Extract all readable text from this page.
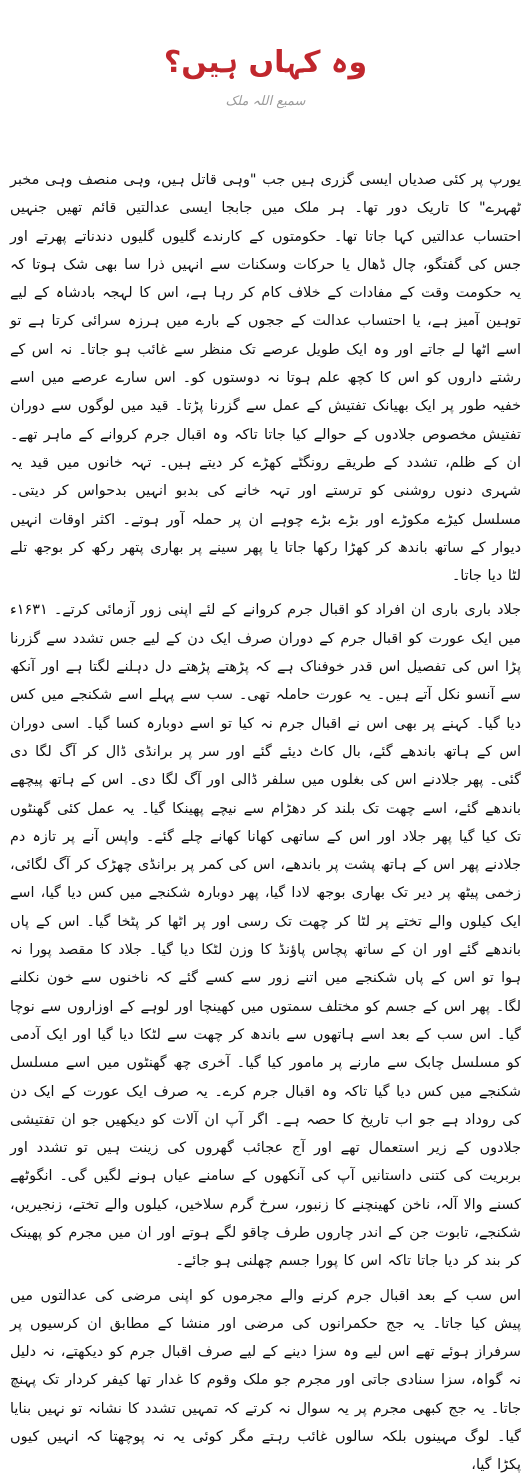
وہ کہاں ہیں؟
سمیع اللہ ملک

یورپ پر کئی صدیاں ایسی گزری ہیں جب "وہی قاتل ہیں، وہی منصف وہی مخبر ٹھہرے" کا تاریک دور تھا۔ ہر ملک میں جابجا ایسی عدالتیں قائم تھیں جنہیں احتساب عدالتیں کہا جاتا تھا۔ حکومتوں کے کارندے گلیوں گلیوں دندناتے پھرتے اور جس کی گفتگو، چال ڈھال یا حرکات وسکنات سے انہیں ذرا سا بھی شک ہوتا کہ یہ حکومت وقت کے مفادات کے خلاف کام کر رہا ہے، اس کا لہجہ بادشاہ کے لیے توہین آمیز ہے، یا احتساب عدالت کے ججوں کے بارے میں ہرزہ سرائی کرتا ہے تو اسے اٹھا لے جاتے اور وہ ایک طویل عرصے تک منظر سے غائب ہو جاتا۔ نہ اس کے رشتے داروں کو اس کا کچھ علم ہوتا نہ دوستوں کو۔ اس سارے عرصے میں اسے خفیہ طور پر ایک بھیانک تفتیش کے عمل سے گزرنا پڑتا۔ قید میں لوگوں سے دوران تفتیش مخصوص جلادوں کے حوالے کیا جاتا تاکہ وہ اقبال جرم کروانے کے ماہر تھے۔ ان کے ظلم، تشدد کے طریقے رونگٹے کھڑے کر دیتے ہیں۔ تہہ خانوں میں قید یہ شہری دنوں روشنی کو ترستے اور تہہ خانے کی بدبو انہیں بدحواس کر دیتی۔ مسلسل کیڑے مکوڑے اور بڑے بڑے چوہے ان پر حملہ آور ہوتے۔ اکثر اوقات انہیں دیوار کے ساتھ باندھ کر کھڑا رکھا جاتا یا پھر سینے پر بھاری پتھر رکھ کر بوجھ تلے لٹا دیا جاتا۔

جلاد باری باری ان افراد کو اقبال جرم کروانے کے لئے اپنی زور آزمائی کرتے۔ ۱۶۳۱ء میں ایک عورت کو اقبال جرم کے دوران صرف ایک دن کے لیے جس تشدد سے گزرنا پڑا اس کی تفصیل اس قدر خوفناک ہے کہ پڑھتے پڑھتے دل دہلنے لگتا ہے اور آنکھ سے آنسو نکل آتے ہیں۔ یہ عورت حاملہ تھی۔ سب سے پہلے اسے شکنجے میں کس دیا گیا۔ کہنے پر بھی اس نے اقبال جرم نہ کیا تو اسے دوبارہ کسا گیا۔ اسی دوران اس کے ہاتھ باندھے گئے، بال کاٹ دیئے گئے اور سر پر برانڈی ڈال کر آگ لگا دی گئی۔ پھر جلادنے اس کی بغلوں میں سلفر ڈالی اور آگ لگا دی۔ اس کے ہاتھ پیچھے باندھے گئے، اسے چھت تک بلند کر دھڑام سے نیچے پھینکا گیا۔ یہ عمل کئی گھنٹوں تک کیا گیا پھر جلاد اور اس کے ساتھی کھانا کھانے چلے گئے۔ واپس آنے پر تازہ دم جلادنے پھر اس کے ہاتھ پشت پر باندھے، اس کی کمر پر برانڈی چھڑک کر آگ لگائی، زخمی پیٹھ پر دیر تک بھاری بوجھ لادا گیا، پھر دوبارہ شکنجے میں کس دیا گیا، اسے ایک کیلوں والے تختے پر لٹا کر چھت تک رسی اور پر اٹھا کر پٹخا گیا۔ اس کے پاں باندھے گئے اور ان کے ساتھ پچاس پاؤنڈ کا وزن لٹکا دیا گیا۔ جلاد کا مقصد پورا نہ ہوا تو اس کے پاں شکنجے میں اتنے زور سے کسے گئے کہ ناخنوں سے خون نکلنے لگا۔ پھر اس کے جسم کو مختلف سمتوں میں کھینچا اور لوہے کے اوزاروں سے نوچا گیا۔ اس سب کے بعد اسے ہاتھوں سے باندھ کر چھت سے لٹکا دیا گیا اور ایک آدمی کو مسلسل چابک سے مارنے پر مامور کیا گیا۔ آخری چھ گھنٹوں میں اسے مسلسل شکنجے میں کس دیا گیا تاکہ وہ اقبال جرم کرے۔ یہ صرف ایک عورت کے ایک دن کی روداد ہے جو اب تاریخ کا حصہ ہے۔ اگر آپ ان آلات کو دیکھیں جو ان تفتیشی جلادوں کے زیر استعمال تھے اور آج عجائب گھروں کی زینت ہیں تو تشدد اور بربریت کی کتنی داستانیں آپ کی آنکھوں کے سامنے عیاں ہونے لگیں گی۔ انگوٹھے کسنے والا آلہ، ناخن کھینچنے کا زنبور، سرخ گرم سلاخیں، کیلوں والے تختے، زنجیریں، شکنجے، تابوت جن کے اندر چاروں طرف چاقو لگے ہوتے اور ان میں مجرم کو پھینک کر بند کر دیا جاتا تاکہ اس کا پورا جسم چھلنی ہو جائے۔

اس سب کے بعد اقبال جرم کرنے والے مجرموں کو اپنی مرضی کی عدالتوں میں پیش کیا جاتا۔ یہ جج حکمرانوں کی مرضی اور منشا کے مطابق ان کرسیوں پر سرفراز ہوئے تھے اس لیے وہ سزا دینے کے لیے صرف اقبال جرم کو دیکھتے، نہ دلیل نہ گواہ، سزا سنادی جاتی اور مجرم جو ملک وقوم کا غدار تھا کیفر کردار تک پہنچ جاتا۔ یہ جج کبھی مجرم پر یہ سوال نہ کرتے کہ تمہیں تشدد کا نشانہ تو نہیں بنایا گیا۔ لوگ مہینوں بلکہ سالوں غائب رہتے مگر کوئی یہ نہ پوچھتا کہ انہیں کیوں پکڑا گیا،
